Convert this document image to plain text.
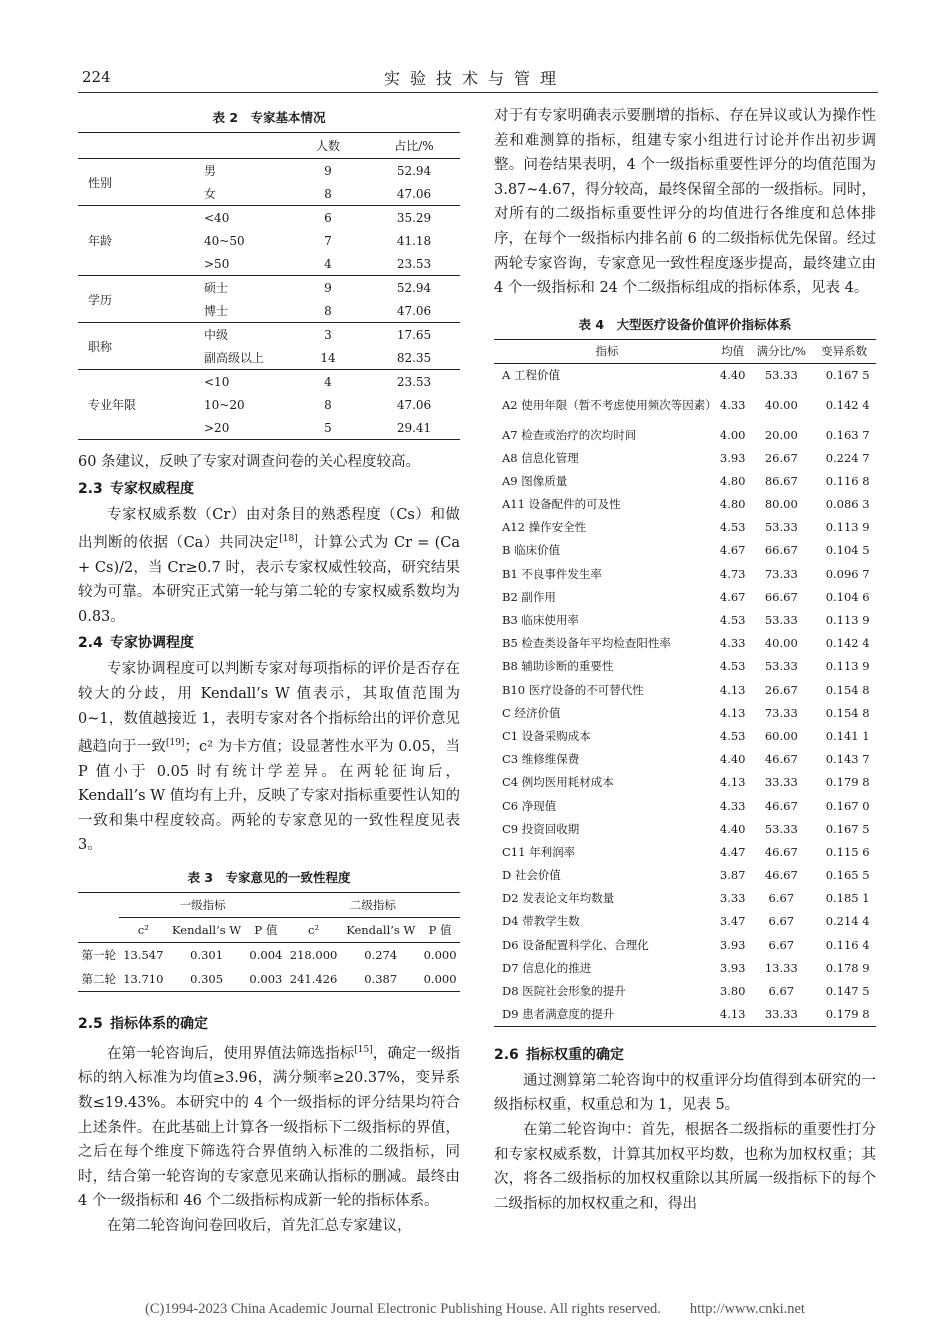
224	实验技术与管理
表 2　专家基本情况
		人数	占比/%
性别	男	9	52.94
	女	8	47.06
年龄	<40	6	35.29
	40~50	7	41.18
	>50	4	23.53
学历	硕士	9	52.94
	博士	8	47.06
职称	中级	3	17.65
	副高级以上	14	82.35
专业年限	<10	4	23.53
	10~20	8	47.06
	>20	5	29.41

60 条建议，反映了专家对调查问卷的关心程度较高。

2.3 专家权威程度

专家权威系数（Cr）由对条目的熟悉程度（Cs）和做出判断的依据（Ca）共同决定[18]，计算公式为 Cr = (Ca + Cs)/2，当 Cr≥0.7 时，表示专家权威性较高，研究结果较为可靠。本研究正式第一轮与第二轮的专家权威系数均为 0.83。

2.4 专家协调程度

专家协调程度可以判断专家对每项指标的评价是否存在较大的分歧，用 Kendall’s W 值表示，其取值范围为 0~1，数值越接近 1，表明专家对各个指标给出的评价意见越趋向于一致[19]；c² 为卡方值；设显著性水平为 0.05，当 P 值小于 0.05 时有统计学差异。在两轮征询后，Kendall’s W 值均有上升，反映了专家对指标重要性认知的一致和集中程度较高。两轮的专家意见的一致性程度见表 3。

表 3　专家意见的一致性程度
	一级指标			二级指标		
	c²	Kendall’s W	P 值	c²	Kendall’s W	P 值
第一轮	13.547	0.301	0.004	218.000	0.274	0.000
第二轮	13.710	0.305	0.003	241.426	0.387	0.000
2.5 指标体系的确定

在第一轮咨询后，使用界值法筛选指标[15]，确定一级指标的纳入标准为均值≥3.96，满分频率≥20.37%，变异系数≤19.43%。本研究中的 4 个一级指标的评分结果均符合上述条件。在此基础上计算各一级指标下二级指标的界值，之后在每个维度下筛选符合界值纳入标准的二级指标，同时，结合第一轮咨询的专家意见来确认指标的删减。最终由 4 个一级指标和 46 个二级指标构成新一轮的指标体系。

在第二轮咨询问卷回收后，首先汇总专家建议，

对于有专家明确表示要删增的指标、存在异议或认为操作性差和难测算的指标，组建专家小组进行讨论并作出初步调整。问卷结果表明，4 个一级指标重要性评分的均值范围为 3.87~4.67，得分较高，最终保留全部的一级指标。同时，对所有的二级指标重要性评分的均值进行各维度和总体排序，在每个一级指标内排名前 6 的二级指标优先保留。经过两轮专家咨询，专家意见一致性程度逐步提高，最终建立由 4 个一级指标和 24 个二级指标组成的指标体系，见表 4。

表 4　大型医疗设备价值评价指标体系
指标	均值	满分比/%	变异系数
A 工程价值	4.40	53.33	0.167 5
A2 使用年限（暂不考虑使用频次等因素）	4.33	40.00	0.142 4
A7 检查或治疗的次均时间	4.00	20.00	0.163 7
A8 信息化管理	3.93	26.67	0.224 7
A9 图像质量	4.80	86.67	0.116 8
A11 设备配件的可及性	4.80	80.00	0.086 3
A12 操作安全性	4.53	53.33	0.113 9
B 临床价值	4.67	66.67	0.104 5
B1 不良事件发生率	4.73	73.33	0.096 7
B2 副作用	4.67	66.67	0.104 6
B3 临床使用率	4.53	53.33	0.113 9
B5 检查类设备年平均检查阳性率	4.33	40.00	0.142 4
B8 辅助诊断的重要性	4.53	53.33	0.113 9
B10 医疗设备的不可替代性	4.13	26.67	0.154 8
C 经济价值	4.13	73.33	0.154 8
C1 设备采购成本	4.53	60.00	0.141 1
C3 维修维保费	4.40	46.67	0.143 7
C4 例均医用耗材成本	4.13	33.33	0.179 8
C6 净现值	4.33	46.67	0.167 0
C9 投资回收期	4.40	53.33	0.167 5
C11 年利润率	4.47	46.67	0.115 6
D 社会价值	3.87	46.67	0.165 5
D2 发表论文年均数量	3.33	6.67	0.185 1
D4 带教学生数	3.47	6.67	0.214 4
D6 设备配置科学化、合理化	3.93	6.67	0.116 4
D7 信息化的推进	3.93	13.33	0.178 9
D8 医院社会形象的提升	3.80	6.67	0.147 5
D9 患者满意度的提升	4.13	33.33	0.179 8
2.6 指标权重的确定

通过测算第二轮咨询中的权重评分均值得到本研究的一级指标权重，权重总和为 1，见表 5。

在第二轮咨询中：首先，根据各二级指标的重要性打分和专家权威系数，计算其加权平均数，也称为加权权重；其次，将各二级指标的加权权重除以其所属一级指标下的每个二级指标的加权权重之和，得出

(C)1994-2023 China Academic Journal Electronic Publishing House. All rights reserved.　　http://www.cnki.net
